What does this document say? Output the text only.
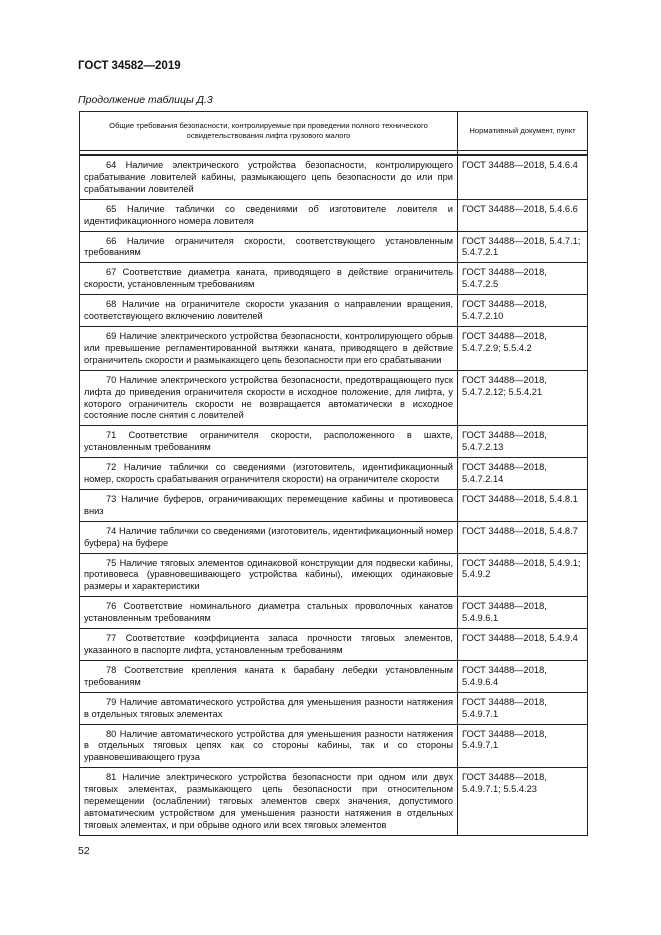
ГОСТ 34582—2019
Продолжение таблицы Д.3
Общие требования безопасности, контролируемые при проведении полного технического освидетельствования лифта грузового малого	Нормативный документ, пункт

64 Наличие электрического устройства безопасности, контролирующего срабатывание ловителей кабины, размыкающего цепь безопасности до или при срабатывании ловителей	ГОСТ 34488—2018, 5.4.6.4
65 Наличие таблички со сведениями об изготовителе ловителя и идентификационного номера ловителя	ГОСТ 34488—2018, 5.4.6.6
66 Наличие ограничителя скорости, соответствующего установленным требованиям	ГОСТ 34488—2018, 5.4.7.1; 5.4.7.2.1
67 Соответствие диаметра каната, приводящего в действие ограничитель скорости, установленным требованиям	ГОСТ 34488—2018, 5.4.7.2.5
68 Наличие на ограничителе скорости указания о направлении вращения, соответствующего включению ловителей	ГОСТ 34488—2018, 5.4.7.2.10
69 Наличие электрического устройства безопасности, контролирующего обрыв или превышение регламентированной вытяжки каната, приводящего в действие ограничитель скорости и размыкающего цепь безопасности при его срабатывании	ГОСТ 34488—2018, 5.4.7.2.9; 5.5.4.2
70 Наличие электрического устройства безопасности, предотвращающего пуск лифта до приведения ограничителя скорости в исходное положение, для лифта, у которого ограничитель скорости не возвращается автоматически в исходное состояние после снятия с ловителей	ГОСТ 34488—2018, 5.4.7.2.12; 5.5.4.21
71 Соответствие ограничителя скорости, расположенного в шахте, установленным требованиям	ГОСТ 34488—2018, 5.4.7.2.13
72 Наличие таблички со сведениями (изготовитель, идентификационный номер, скорость срабатывания ограничителя скорости) на ограничителе скорости	ГОСТ 34488—2018, 5.4.7.2.14
73 Наличие буферов, ограничивающих перемещение кабины и противовеса вниз	ГОСТ 34488—2018, 5.4.8.1
74 Наличие таблички со сведениями (изготовитель, идентификационный номер буфера) на буфере	ГОСТ 34488—2018, 5.4.8.7
75 Наличие тяговых элементов одинаковой конструкции для подвески кабины, противовеса (уравновешивающего устройства кабины), имеющих одинаковые размеры и характеристики	ГОСТ 34488—2018, 5.4.9.1; 5.4.9.2
76 Соответствие номинального диаметра стальных проволочных канатов установленным требованиям	ГОСТ 34488—2018, 5.4.9.6.1
77 Соответствие коэффициента запаса прочности тяговых элементов, указанного в паспорте лифта, установленным требованиям	ГОСТ 34488—2018, 5.4.9.4
78 Соответствие крепления каната к барабану лебедки установленным требованиям	ГОСТ 34488—2018, 5.4.9.6.4
79 Наличие автоматического устройства для уменьшения разности натяжения в отдельных тяговых элементах	ГОСТ 34488—2018, 5.4.9.7.1
80 Наличие автоматического устройства для уменьшения разности натяжения в отдельных тяговых цепях как со стороны кабины, так и со стороны уравновешивающего груза	ГОСТ 34488—2018, 5.4.9.7.1
81 Наличие электрического устройства безопасности при одном или двух тяговых элементах, размыкающего цепь безопасности при относительном перемещении (ослаблении) тяговых элементов сверх значения, допустимого автоматическим устройством для уменьшения разности натяжения в отдельных тяговых элементах, и при обрыве одного или всех тяговых элементов	ГОСТ 34488—2018, 5.4.9.7.1; 5.5.4.23
52
